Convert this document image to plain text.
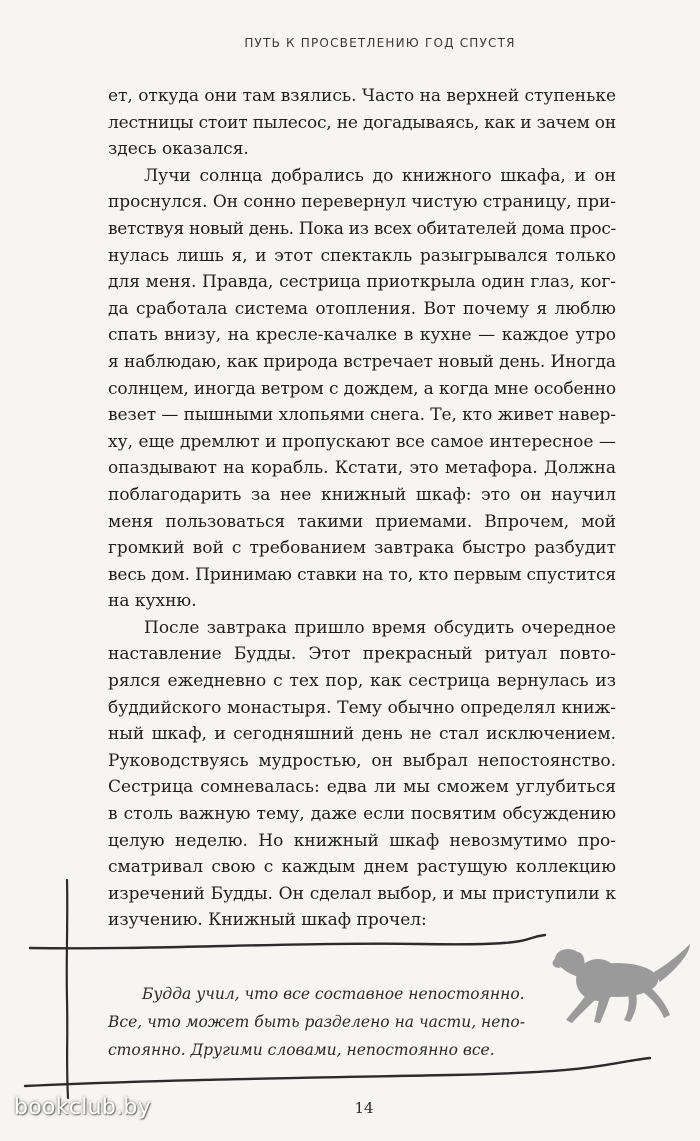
ПУТЬ К ПРОСВЕТЛЕНИЮ ГОД СПУСТЯ

ет, откуда они там взялись. Часто на верхней ступеньке
лестницы стоит пылесос, не догадываясь, как и зачем он
здесь оказался.

Лучи солнца добрались до книжного шкафа, и он
проснулся. Он сонно перевернул чистую страницу, при-
ветствуя новый день. Пока из всех обитателей дома прос-
нулась лишь я, и этот спектакль разыгрывался только
для меня. Правда, сестрица приоткрыла один глаз, ког-
да сработала система отопления. Вот почему я люблю
спать внизу, на кресле-качалке в кухне — каждое утро
я наблюдаю, как природа встречает новый день. Иногда
солнцем, иногда ветром с дождем, а когда мне особенно
везет — пышными хлопьями снега. Те, кто живет навер-
ху, еще дремлют и пропускают все самое интересное —
опаздывают на корабль. Кстати, это метафора. Должна
поблагодарить за нее книжный шкаф: это он научил
меня пользоваться такими приемами. Впрочем, мой
громкий вой с требованием завтрака быстро разбудит
весь дом. Принимаю ставки на то, кто первым спустится
на кухню.

После завтрака пришло время обсудить очередное
наставление Будды. Этот прекрасный ритуал повто-
рялся ежедневно с тех пор, как сестрица вернулась из
буддийского монастыря. Тему обычно определял книж-
ный шкаф, и сегодняшний день не стал исключением.
Руководствуясь мудростью, он выбрал непостоянство.
Сестрица сомневалась: едва ли мы сможем углубиться
в столь важную тему, даже если посвятим обсуждению
целую неделю. Но книжный шкаф невозмутимо про-
сматривал свою с каждым днем растущую коллекцию
изречений Будды. Он сделал выбор, и мы приступили к
изучению. Книжный шкаф прочел:

Будда учил, что все составное непостоянно.
Все, что может быть разделено на части, непо-
стоянно. Другими словами, непостоянно все.
14
bookclub.by
